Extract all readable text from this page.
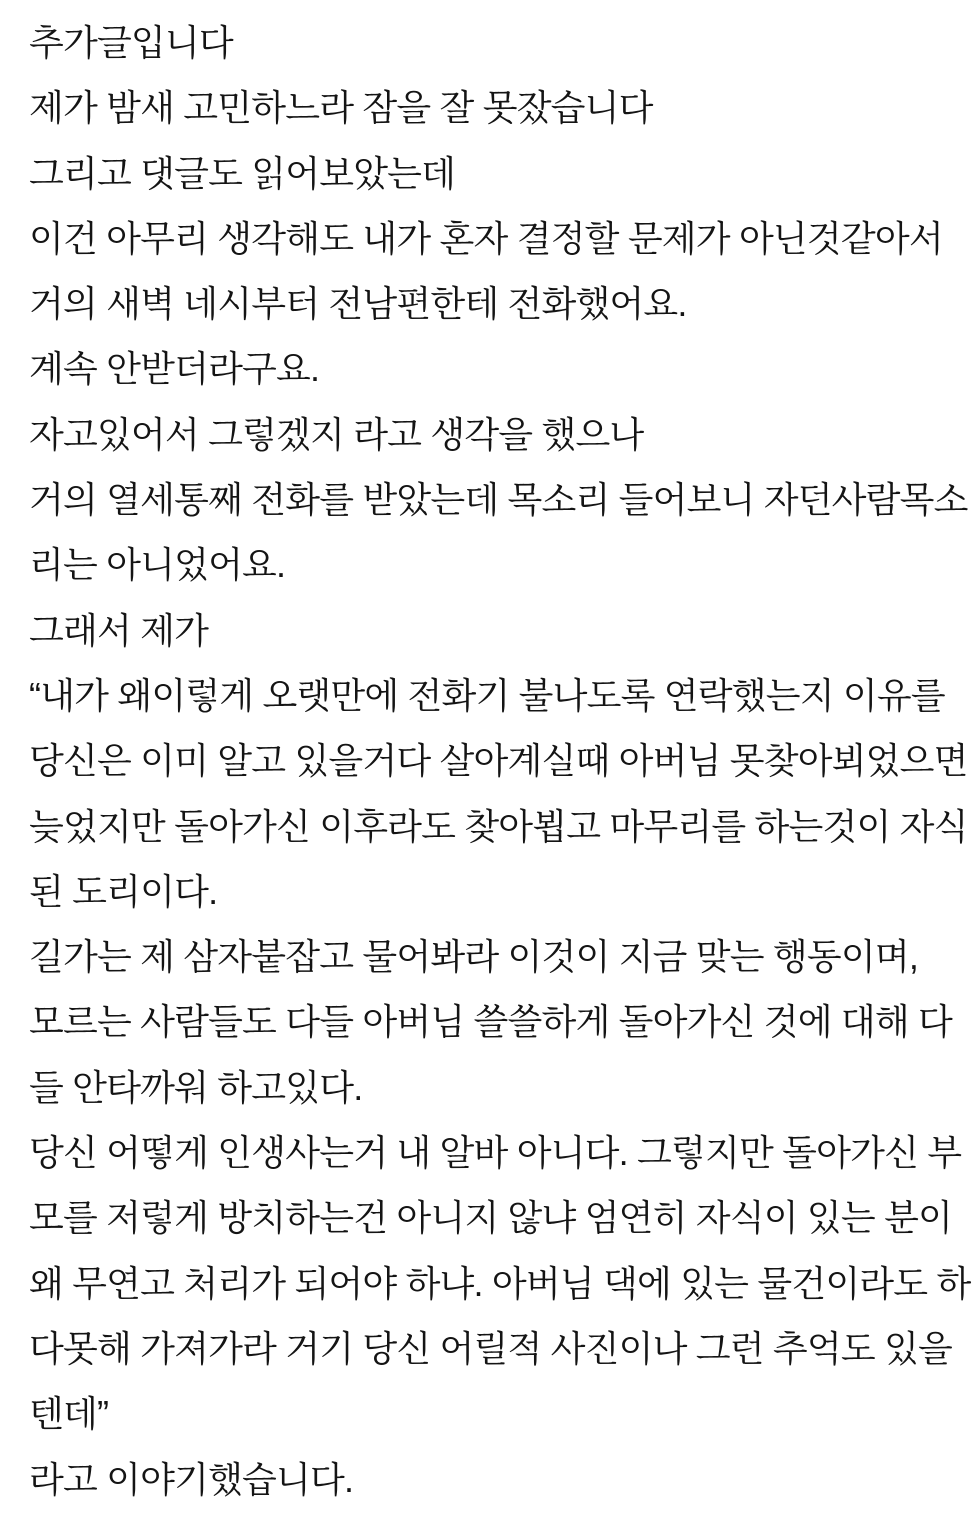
추가글입니다
제가 밤새 고민하느라 잠을 잘 못잤습니다
그리고 댓글도 읽어보았는데
이건 아무리 생각해도 내가 혼자 결정할 문제가 아닌것같아서
거의 새벽 네시부터 전남편한테 전화했어요.
계속 안받더라구요.
자고있어서 그렇겠지 라고 생각을 했으나
거의 열세통째 전화를 받았는데 목소리 들어보니 자던사람목소
리는 아니었어요.
그래서 제가
“내가 왜이렇게 오랫만에 전화기 불나도록 연락했는지 이유를
당신은 이미 알고 있을거다 살아계실때 아버님 못찾아뵈었으면
늦었지만 돌아가신 이후라도 찾아뵙고 마무리를 하는것이 자식
된 도리이다.
길가는 제 삼자붙잡고 물어봐라 이것이 지금 맞는 행동이며,
모르는 사람들도 다들 아버님 쓸쓸하게 돌아가신 것에 대해 다
들 안타까워 하고있다.
당신 어떻게 인생사는거 내 알바 아니다. 그렇지만 돌아가신 부
모를 저렇게 방치하는건 아니지 않냐 엄연히 자식이 있는 분이
왜 무연고 처리가 되어야 하냐. 아버님 댁에 있는 물건이라도 하
다못해 가져가라 거기 당신 어릴적 사진이나 그런 추억도 있을
텐데”
라고 이야기했습니다.
